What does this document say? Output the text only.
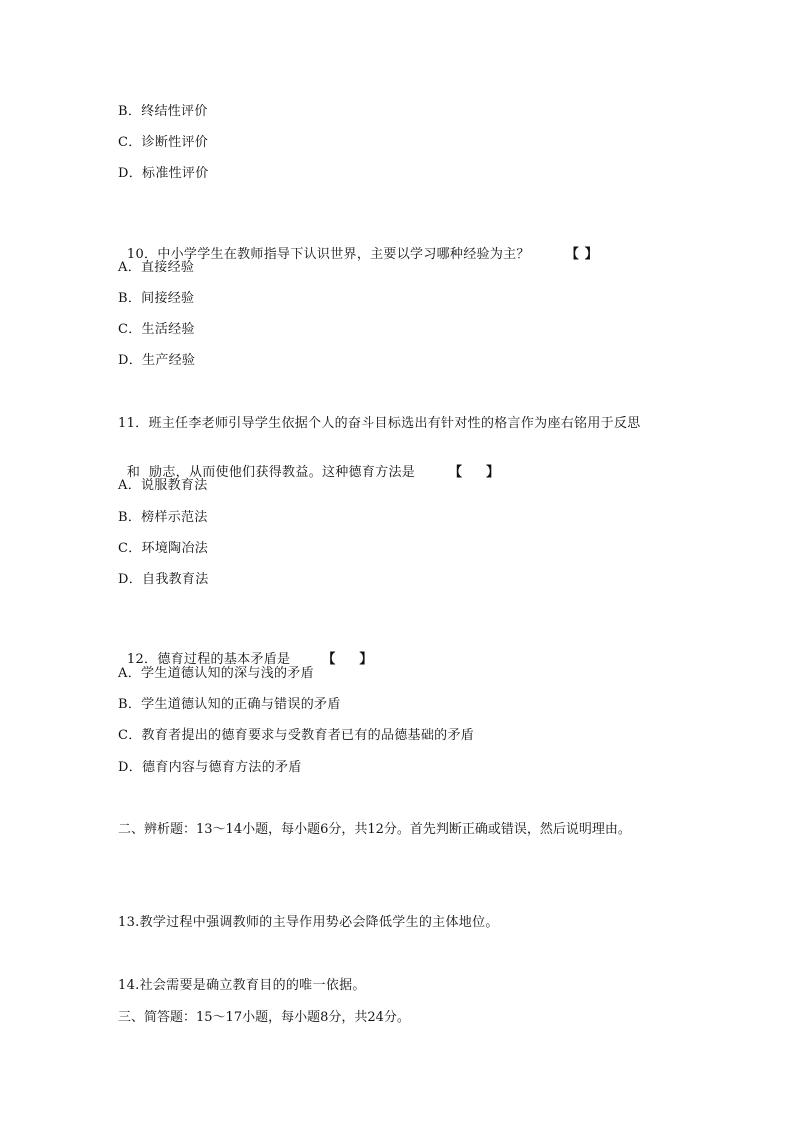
B．终结性评价
C．诊断性评价
D．标准性评价

10．中小学学生在教师指导下认识世界，主要以学习哪种经验为主？	【 】

A．直接经验
B．间接经验
C．生活经验
D．生产经验
11．班主任李老师引导学生依据个人的奋斗目标选出有针对性的格言作为座右铭用于反思

和  励志，从而使他们获得教益。这种德育方法是	【 】

A．说服教育法
B．榜样示范法
C．环境陶冶法
D．自我教育法

12．德育过程的基本矛盾是 【 】

A．学生道德认知的深与浅的矛盾
B．学生道德认知的正确与错误的矛盾
C．教育者提出的德育要求与受教育者已有的品德基础的矛盾
D．德育内容与德育方法的矛盾
二、辨析题：13～14小题，每小题6分，共12分。首先判断正确或错误，然后说明理由。
13.教学过程中强调教师的主导作用势必会降低学生的主体地位。
14.社会需要是确立教育目的的唯一依据。
三、简答题：15～17小题，每小题8分，共24分。
